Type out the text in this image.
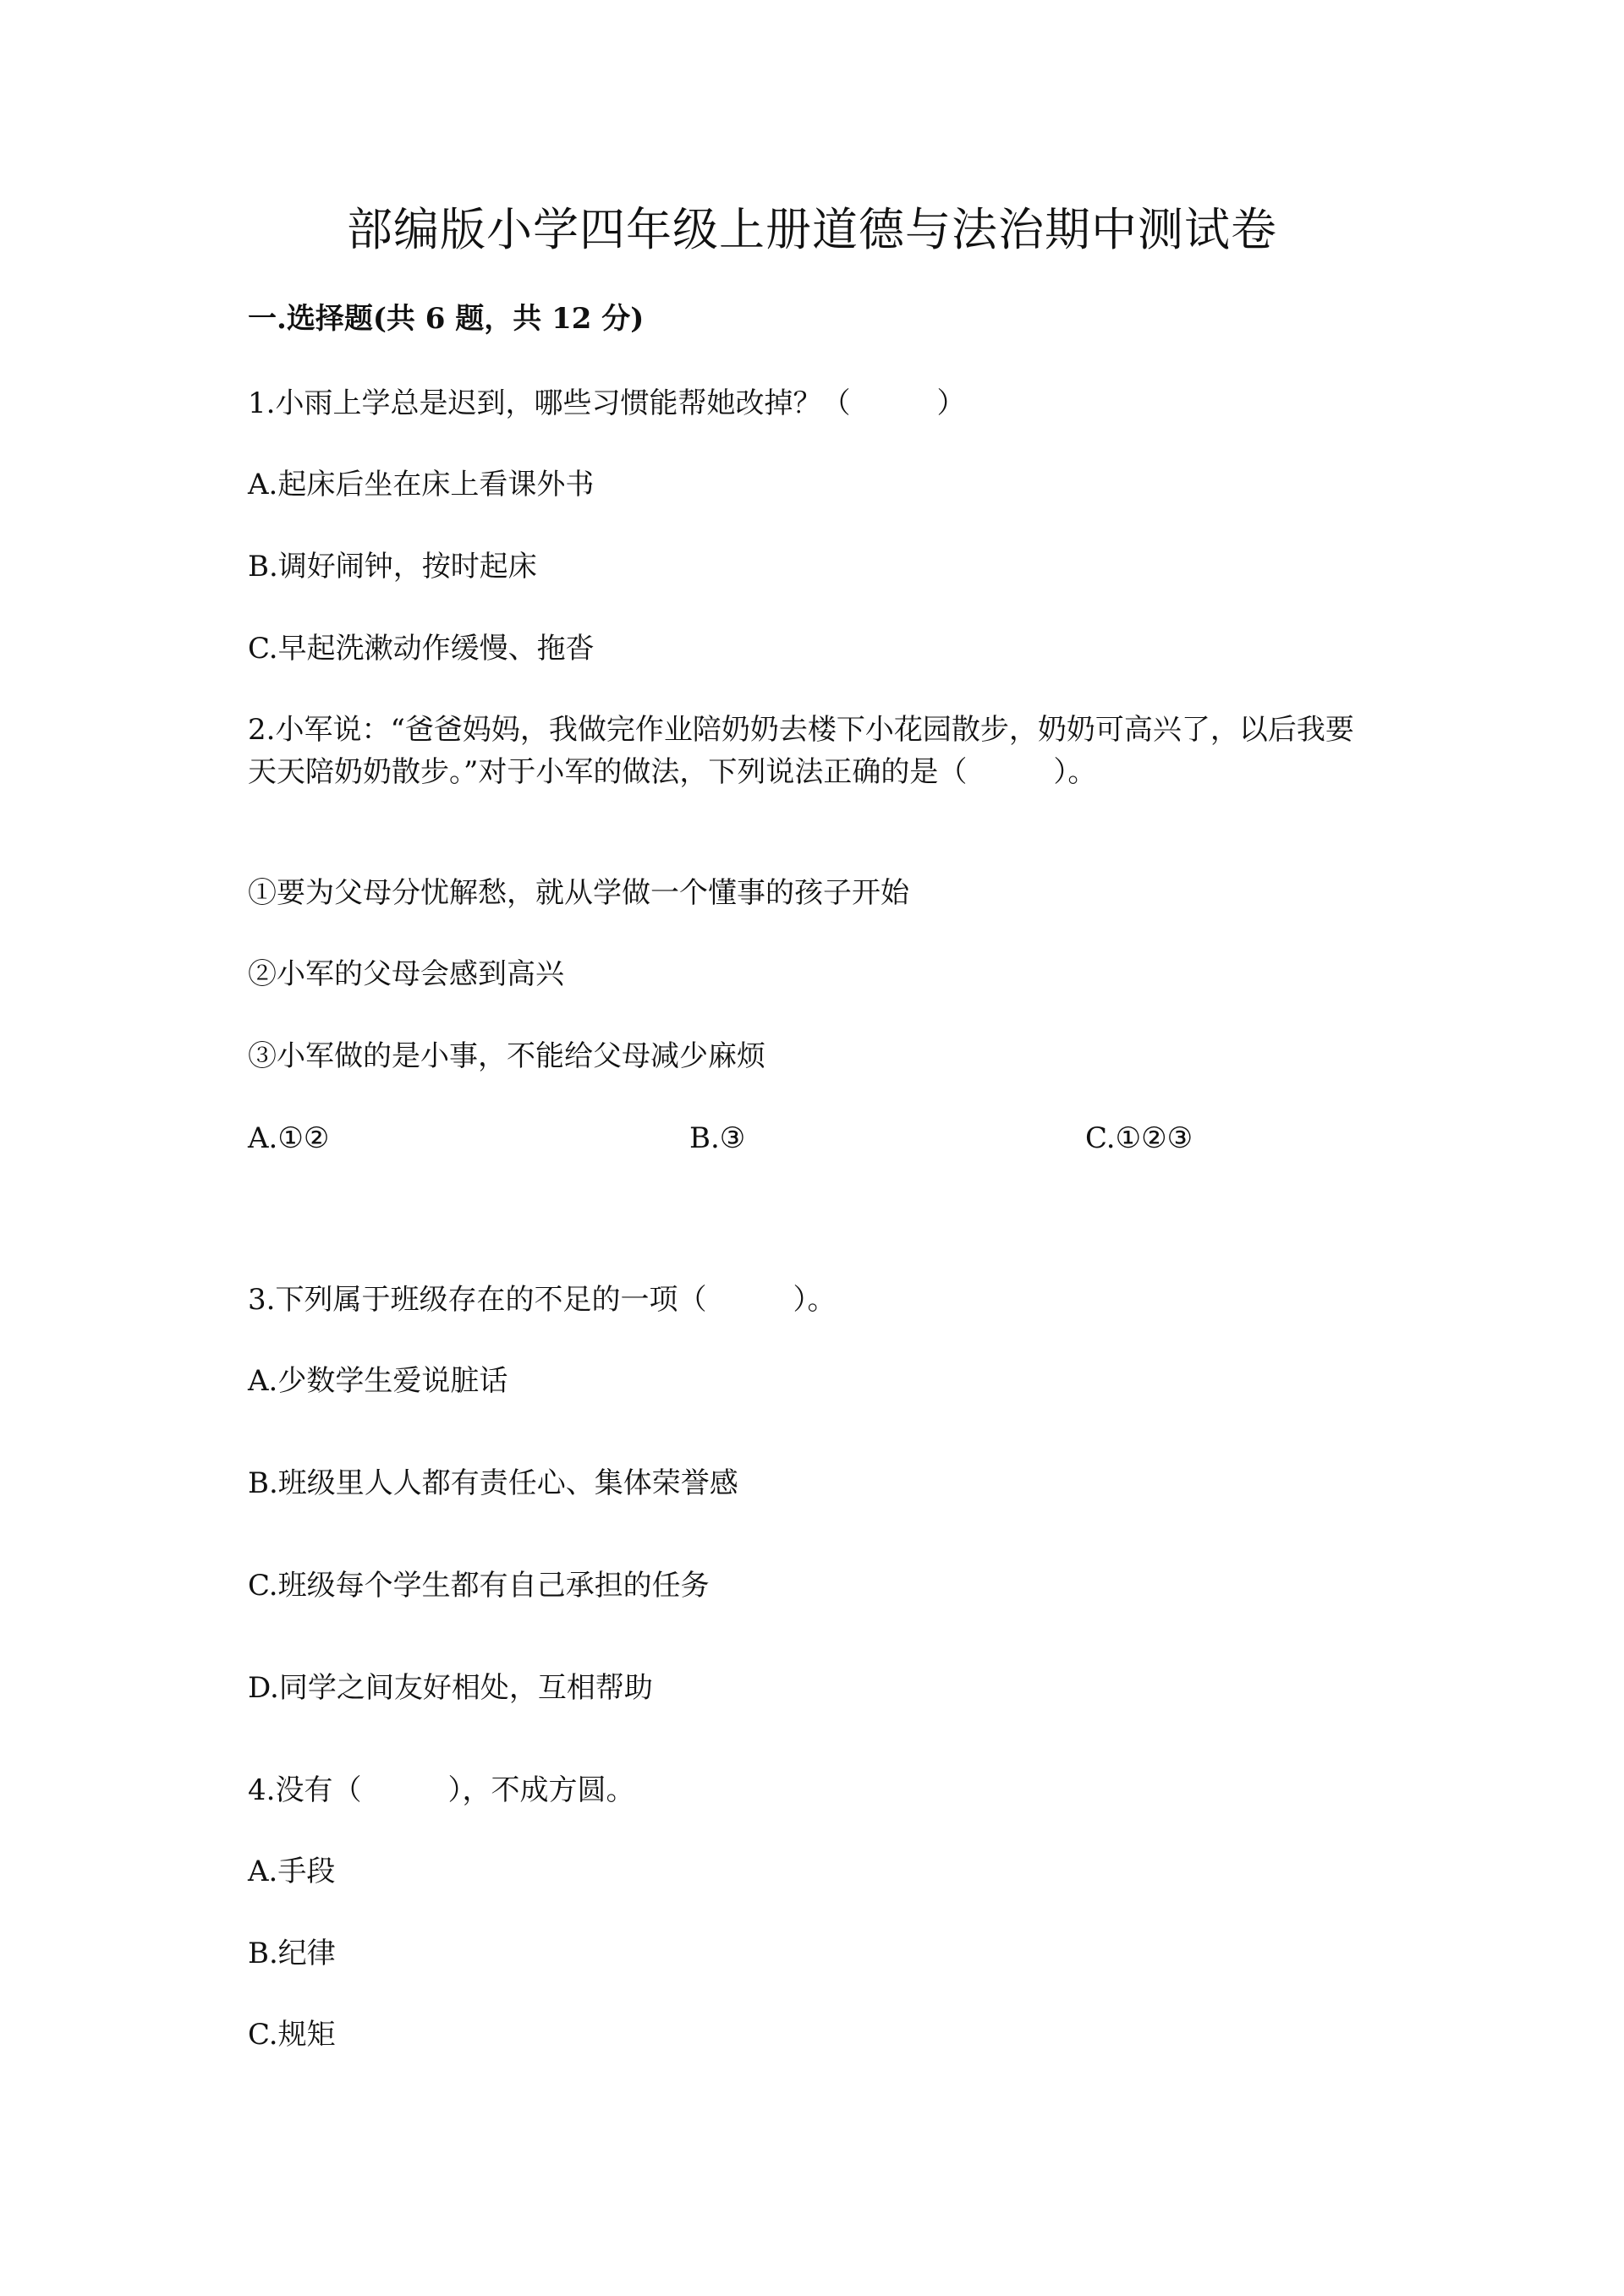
部编版小学四年级上册道德与法治期中测试卷
一.选择题(共 6 题，共 12 分)
1.小雨上学总是迟到，哪些习惯能帮她改掉？（　　　）
A.起床后坐在床上看课外书
B.调好闹钟，按时起床
C.早起洗漱动作缓慢、拖沓
2.小军说：“爸爸妈妈，我做完作业陪奶奶去楼下小花园散步，奶奶可高兴了，以后我要天天陪奶奶散步。”对于小军的做法，下列说法正确的是（　　　）。
①要为父母分忧解愁，就从学做一个懂事的孩子开始
②小军的父母会感到高兴
③小军做的是小事，不能给父母减少麻烦
A.①②	B.③	C.①②③
3.下列属于班级存在的不足的一项（　　　）。
A.少数学生爱说脏话
B.班级里人人都有责任心、集体荣誉感
C.班级每个学生都有自己承担的任务
D.同学之间友好相处，互相帮助
4.没有（　　　），不成方圆。
A.手段
B.纪律
C.规矩
